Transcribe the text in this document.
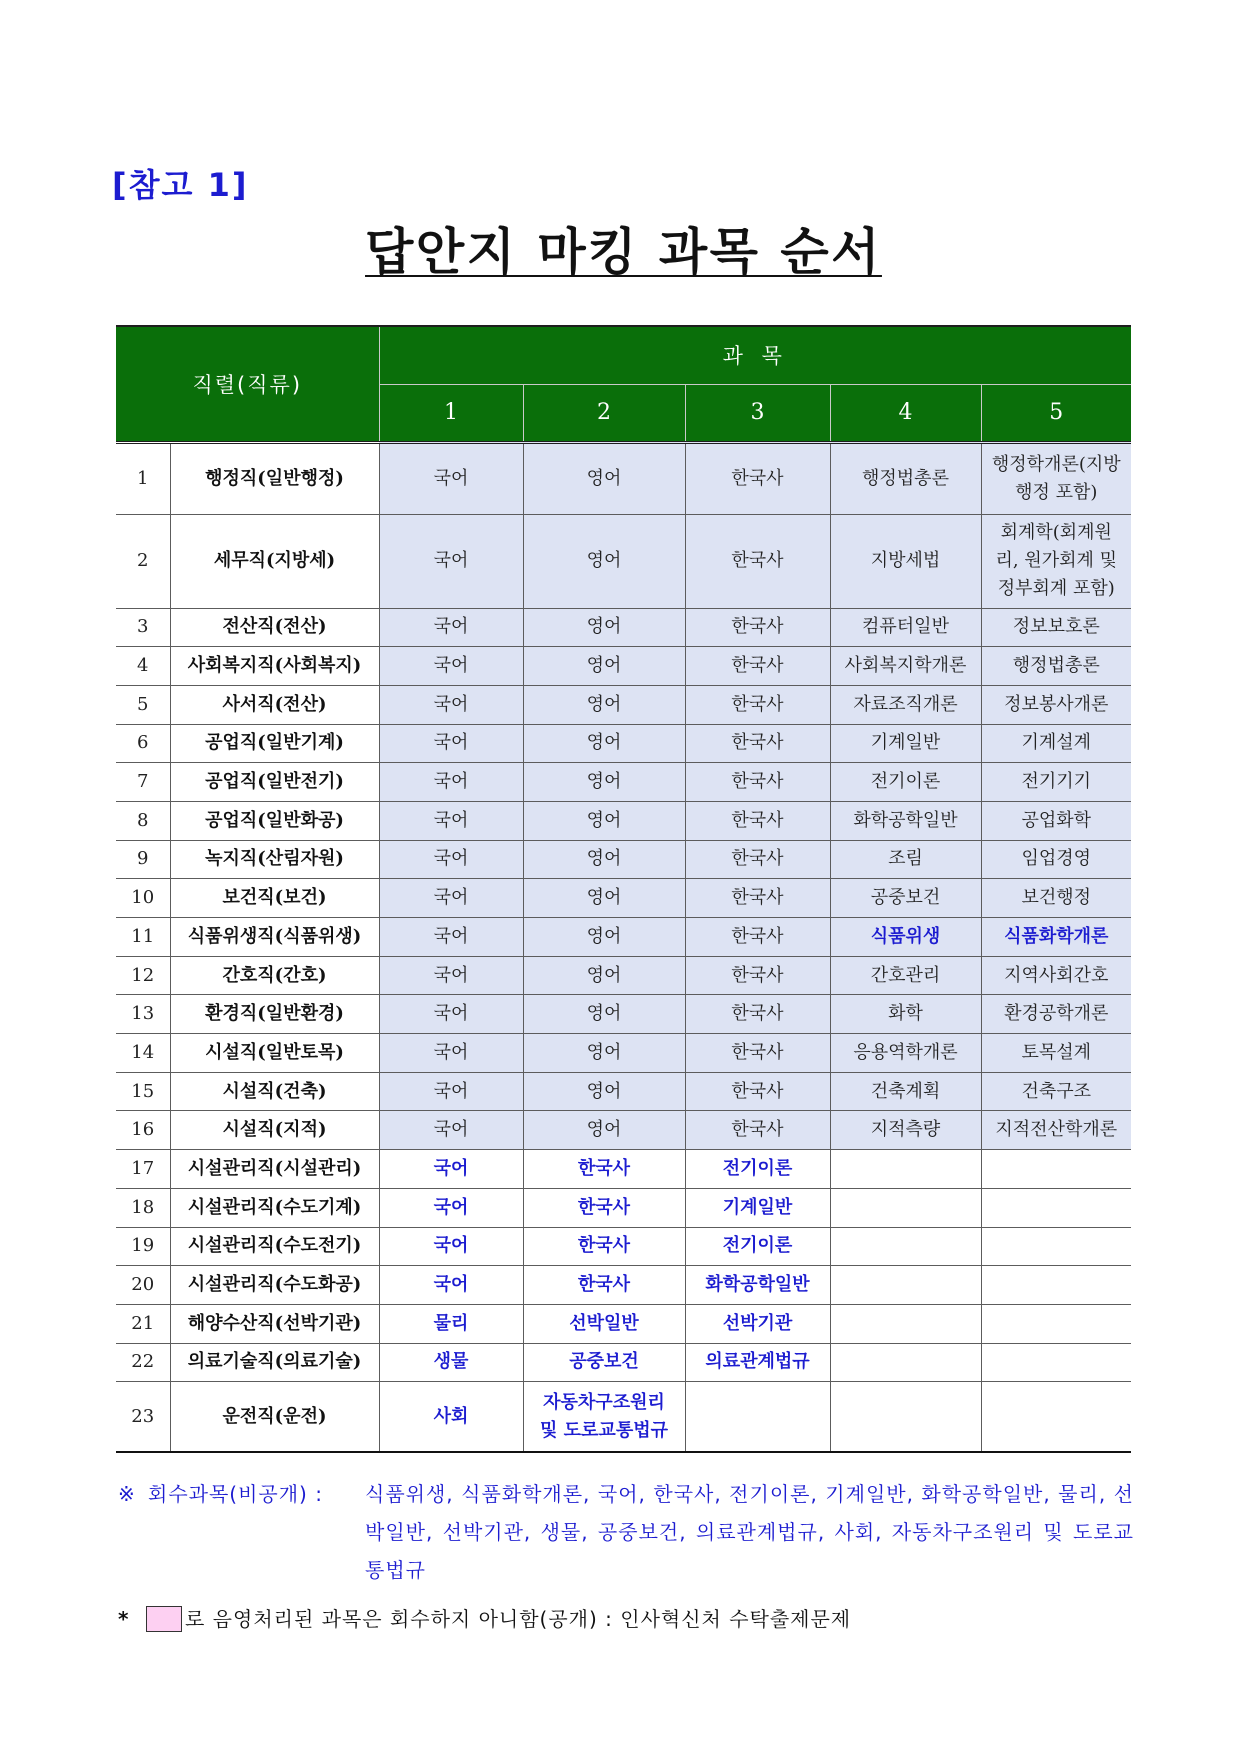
[참고 1]
답안지 마킹 과목 순서
직렬(직류)		과 목				
		1	2	3	4	5
1	행정직(일반행정)	국어	영어	한국사	행정법총론	행정학개론(지방행정 포함)
2	세무직(지방세)	국어	영어	한국사	지방세법	회계학(회계원리, 원가회계 및 정부회계 포함)
3	전산직(전산)	국어	영어	한국사	컴퓨터일반	정보보호론
4	사회복지직(사회복지)	국어	영어	한국사	사회복지학개론	행정법총론
5	사서직(전산)	국어	영어	한국사	자료조직개론	정보봉사개론
6	공업직(일반기계)	국어	영어	한국사	기계일반	기계설계
7	공업직(일반전기)	국어	영어	한국사	전기이론	전기기기
8	공업직(일반화공)	국어	영어	한국사	화학공학일반	공업화학
9	녹지직(산림자원)	국어	영어	한국사	조림	임업경영
10	보건직(보건)	국어	영어	한국사	공중보건	보건행정
11	식품위생직(식품위생)	국어	영어	한국사	식품위생	식품화학개론
12	간호직(간호)	국어	영어	한국사	간호관리	지역사회간호
13	환경직(일반환경)	국어	영어	한국사	화학	환경공학개론
14	시설직(일반토목)	국어	영어	한국사	응용역학개론	토목설계
15	시설직(건축)	국어	영어	한국사	건축계획	건축구조
16	시설직(지적)	국어	영어	한국사	지적측량	지적전산학개론
17	시설관리직(시설관리)	국어	한국사	전기이론		
18	시설관리직(수도기계)	국어	한국사	기계일반		
19	시설관리직(수도전기)	국어	한국사	전기이론		
20	시설관리직(수도화공)	국어	한국사	화학공학일반		
21	해양수산직(선박기관)	물리	선박일반	선박기관		
22	의료기술직(의료기술)	생물	공중보건	의료관계법규		
23	운전직(운전)	사회	자동차구조원리 및 도로교통법규			
※ 회수과목(비공개) : 식품위생, 식품화학개론, 국어, 한국사, 전기이론, 기계일반, 화학공학일반, 물리, 선박일반, 선박기관, 생물, 공중보건, 의료관계법규, 사회, 자동차구조원리 및 도로교통법규
*	로 음영처리된 과목은 회수하지 아니함(공개) : 인사혁신처 수탁출제문제
